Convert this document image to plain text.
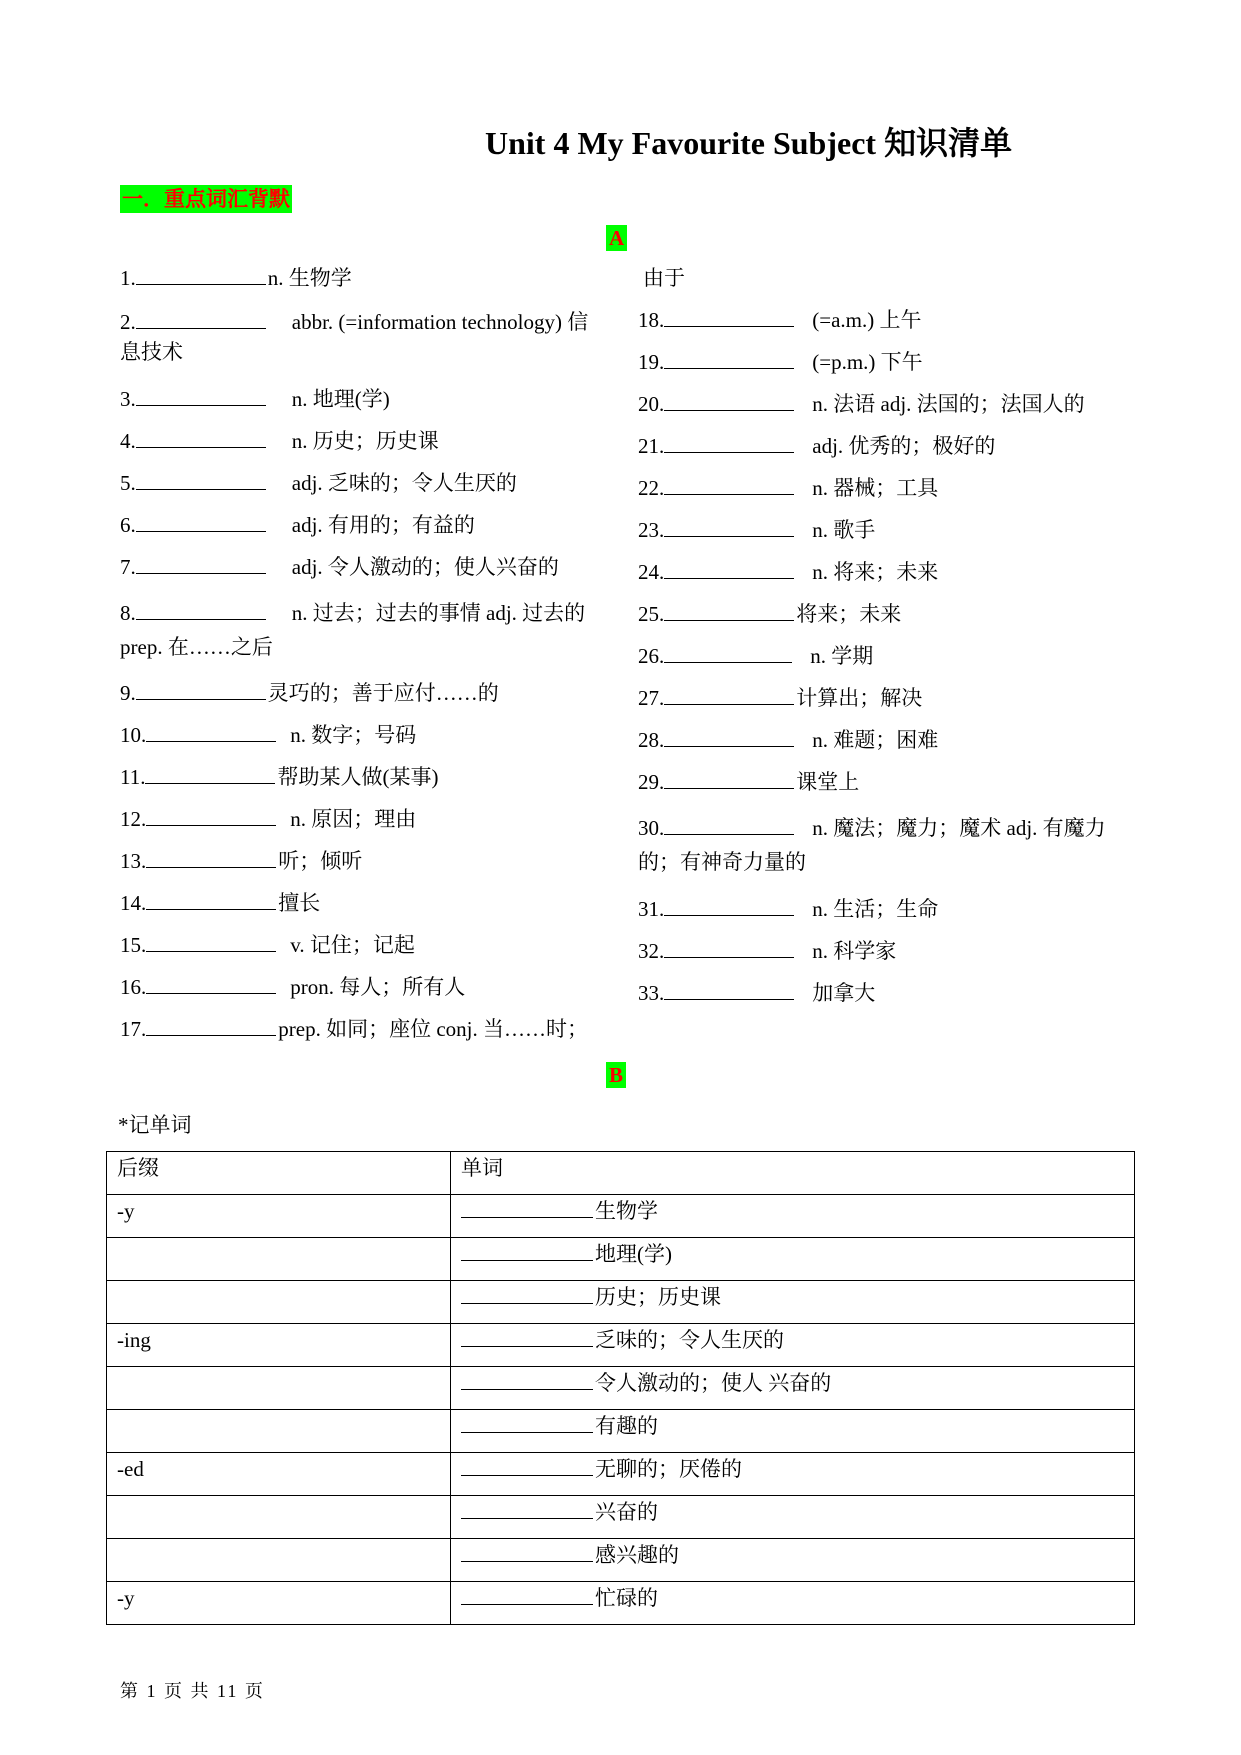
Unit 4 My Favourite Subject 知识清单
一．重点词汇背默
A
1.	n. 生物学
2.	abbr. (=information technology) 信息技术
3.	n. 地理(学)
4.	n. 历史；历史课
5.	adj. 乏味的；令人生厌的
6.	adj. 有用的；有益的
7.	adj. 令人激动的；使人兴奋的
8.	n. 过去；过去的事情 adj. 过去的 prep. 在……之后
9.	灵巧的；善于应付……的
10.	n. 数字；号码
11.	帮助某人做(某事)
12.	n. 原因；理由
13.	听；倾听
14.	擅长
15.	v. 记住；记起
16.	pron. 每人；所有人
17.	prep. 如同；座位 conj. 当……时；
由于
18.	(=a.m.) 上午
19.	(=p.m.) 下午
20.	n. 法语 adj. 法国的；法国人的
21.	adj. 优秀的；极好的
22.	n. 器械；工具
23.	n. 歌手
24.	n. 将来；未来
25.	将来；未来
26.	n. 学期
27.	计算出；解决
28.	n. 难题；困难
29.	课堂上
30.	n. 魔法；魔力；魔术 adj. 有魔力的；有神奇力量的
31.	n. 生活；生命
32.	n. 科学家
33.	加拿大
B
*记单词
后缀	单词
-y	生物学
	地理(学)
	历史；历史课
-ing	乏味的；令人生厌的
	令人激动的；使人 兴奋的
	有趣的
-ed	无聊的；厌倦的
	兴奋的
	感兴趣的
-y	忙碌的
第 1 页 共 11 页
